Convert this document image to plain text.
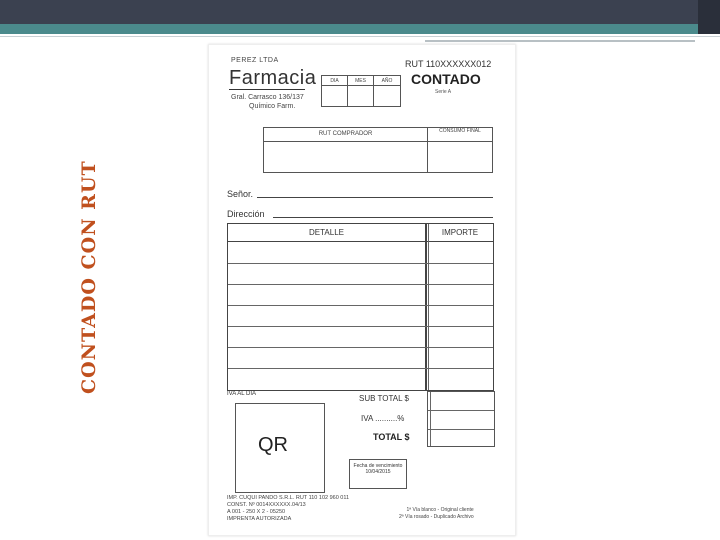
CONTADO CON RUT
PEREZ LTDA
Farmacia
Gral. Carrasco 136/137
Químico Farm.
DIA	MES	AÑO
RUT 110XXXXXX012
CONTADO
Serie A
RUT COMPRADOR	CONSUMO FINAL
Señor.
Dirección
DETALLE	IMPORTE
IVA AL DIA
QR
SUB TOTAL $
IVA ..........%
TOTAL $
Fecha de vencimiento
10/04/2015
IMP. CUQUI PANDO S.R.L. RUT 110 102 960 011
CONST. Nº 0014XXXXXX.04/13
A 001 - 250 X 2 - 05250
IMPRENTA AUTORIZADA
1ª Vía blanco - Original cliente
2ª Vía rosado - Duplicado Archivo
